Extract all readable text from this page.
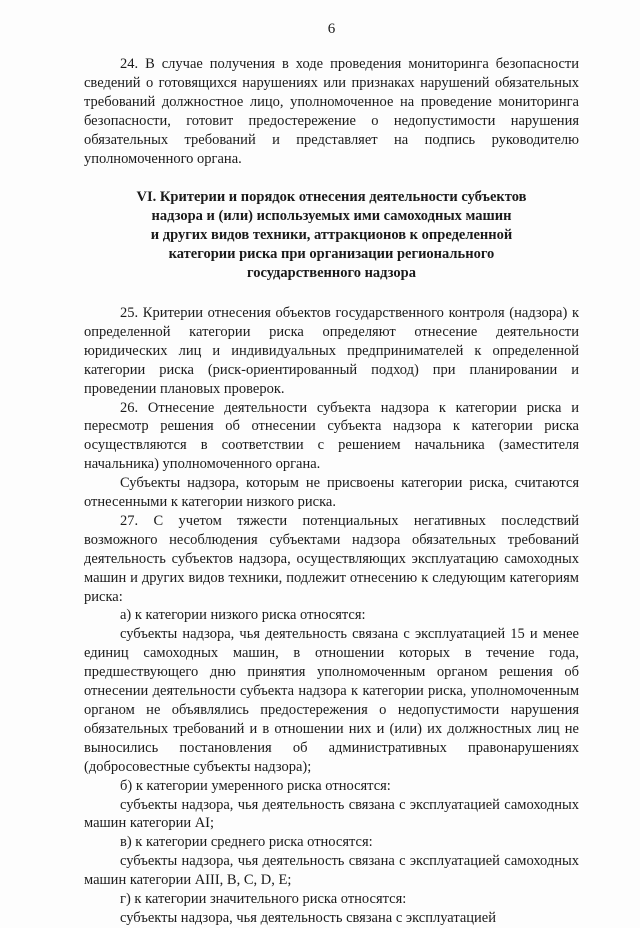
6

24. В случае получения в ходе проведения мониторинга безопасности сведений о готовящихся нарушениях или признаках нарушений обязательных требований должностное лицо, уполномоченное на проведение мониторинга безопасности, готовит предостережение о недопустимости нарушения обязательных требований и представляет на подпись руководителю уполномоченного органа.

VI. Критерии и порядок отнесения деятельности субъектов
надзора и (или) используемых ими самоходных машин
и других видов техники, аттракционов к определенной
категории риска при организации регионального
государственного надзора

25. Критерии отнесения объектов государственного контроля (надзора) к определенной категории риска определяют отнесение деятельности юридических лиц и индивидуальных предпринимателей к определенной категории риска (риск-ориентированный подход) при планировании и проведении плановых проверок.

26. Отнесение деятельности субъекта надзора к категории риска и пересмотр решения об отнесении субъекта надзора к категории риска осуществляются в соответствии с решением начальника (заместителя начальника) уполномоченного органа.

Субъекты надзора, которым не присвоены категории риска, считаются отнесенными к категории низкого риска.

27. С учетом тяжести потенциальных негативных последствий возможного несоблюдения субъектами надзора обязательных требований деятельность субъектов надзора, осуществляющих эксплуатацию самоходных машин и других видов техники, подлежит отнесению к следующим категориям риска:

а) к категории низкого риска относятся:

субъекты надзора, чья деятельность связана с эксплуатацией 15 и менее единиц самоходных машин, в отношении которых в течение года, предшествующего дню принятия уполномоченным органом решения об отнесении деятельности субъекта надзора к категории риска, уполномоченным органом не объявлялись предостережения о недопустимости нарушения обязательных требований и в отношении них и (или) их должностных лиц не выносились постановления об административных правонарушениях (добросовестные субъекты надзора);

б) к категории умеренного риска относятся:

субъекты надзора, чья деятельность связана с эксплуатацией самоходных машин категории AI;

в) к категории среднего риска относятся:

субъекты надзора, чья деятельность связана с эксплуатацией самоходных машин категории AIII, B, C, D, E;

г) к категории значительного риска относятся:

субъекты надзора, чья деятельность связана с эксплуатацией
